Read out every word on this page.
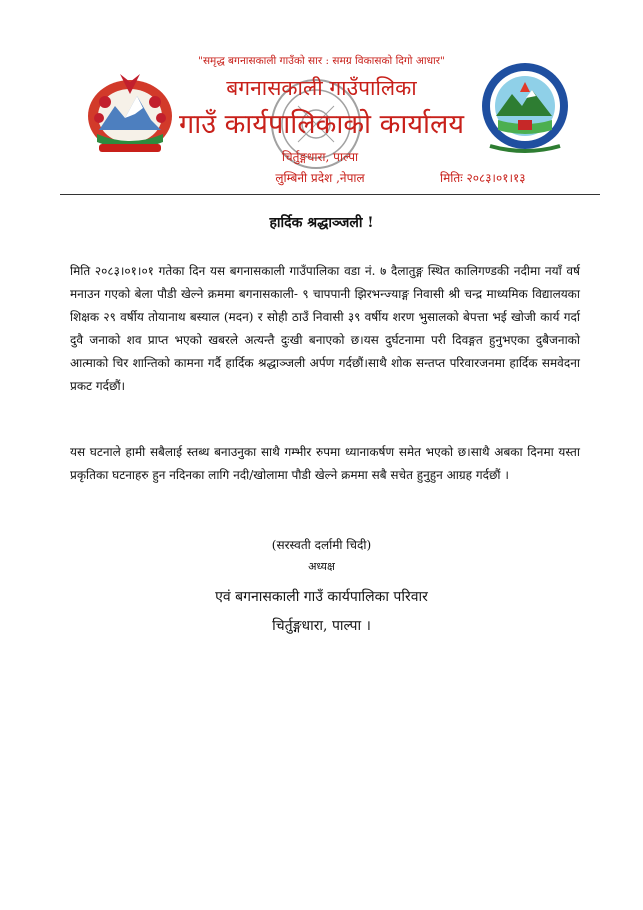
"समृद्ध बगनासकाली गाउँको सार : समग्र विकासको दिगो आधार"
बगनासकाली गाउँपालिका
गाउँ कार्यपालिकाको कार्यालय
चिर्तुङ्गधारा, पाल्पा
लुम्बिनी प्रदेश ,नेपाल	मितिः २०८३।०१।१३
हार्दिक श्रद्धाञ्जली !
मिति २०८३।०१।०१ गतेका दिन यस बगनासकाली गाउँपालिका वडा नं. ७ दैलातुङ्ग स्थित कालिगण्डकी नदीमा नयाँ वर्ष मनाउन गएको बेला पौडी खेल्ने क्रममा बगनासकाली- ९ चापपानी झिरभन्ज्याङ्ग निवासी श्री चन्द्र माध्यमिक विद्यालयका शिक्षक २९ वर्षीय तोयानाथ बस्याल (मदन) र सोही ठाउँ निवासी ३९ वर्षीय शरण भुसालको बेपत्ता भई खोजी कार्य गर्दा दुवै जनाको शव प्राप्त भएको खबरले अत्यन्तै दुःखी बनाएको छ।यस दुर्घटनामा परी दिवङ्गत हुनुभएका दुबैजनाको आत्माको चिर शान्तिको कामना गर्दै हार्दिक श्रद्धाञ्जली अर्पण गर्दछौं।साथै शोक सन्तप्त परिवारजनमा हार्दिक समवेदना प्रकट गर्दछौं।
यस घटनाले हामी सबैलाई स्तब्ध बनाउनुका साथै गम्भीर रुपमा ध्यानाकर्षण समेत भएको छ।साथै अबका दिनमा यस्ता प्रकृतिका घटनाहरु हुन नदिनका लागि नदी/खोलामा पौडी खेल्ने क्रममा सबै सचेत हुनुहुन आग्रह गर्दछौं ।
(सरस्वती दर्लामी चिदी)
अध्यक्ष
एवं बगनासकाली गाउँ कार्यपालिका परिवार
चिर्तुङ्गधारा, पाल्पा ।
